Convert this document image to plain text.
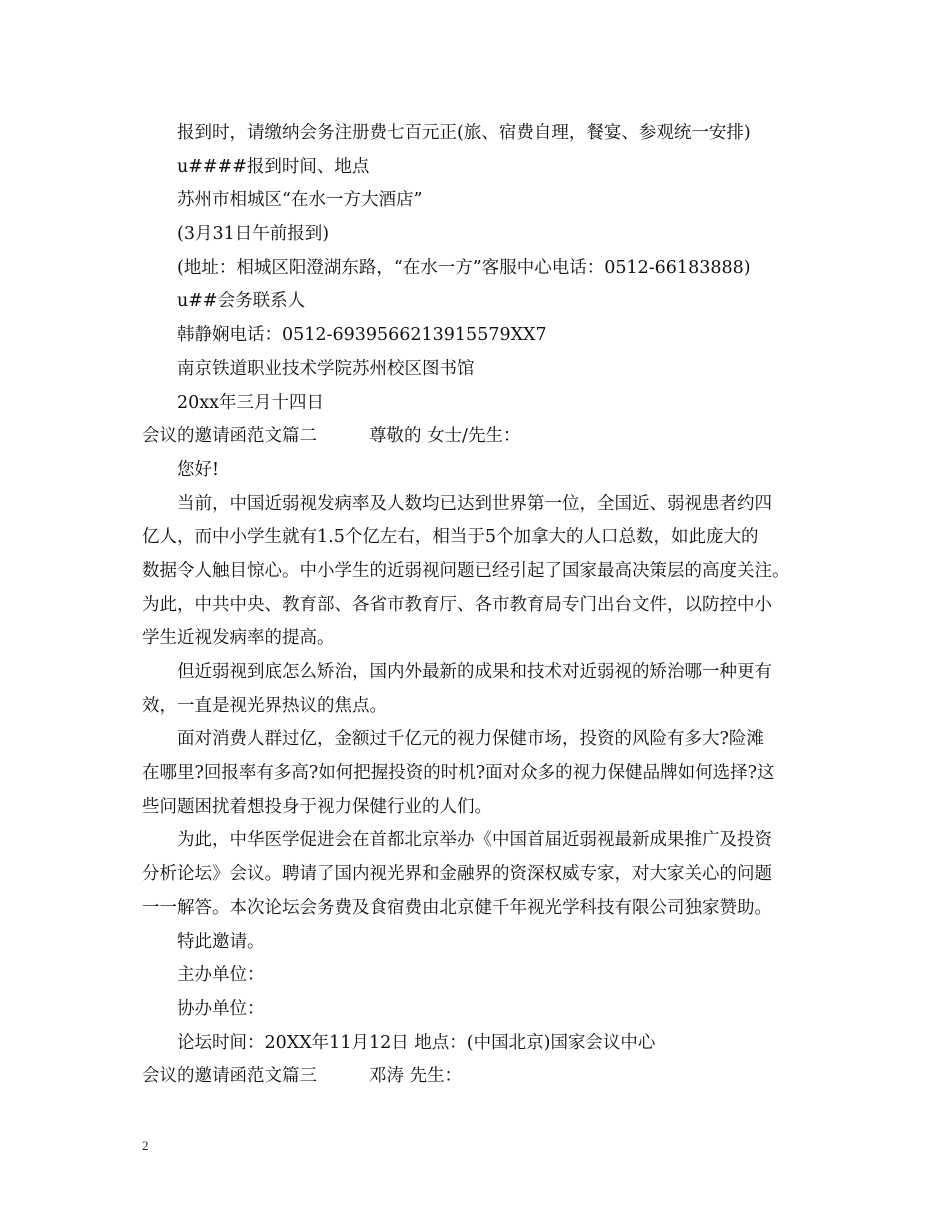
报到时，请缴纳会务注册费七百元正(旅、宿费自理，餐宴、参观统一安排)
u####报到时间、地点
苏州市相城区“在水一方大酒店”
(3月31日午前报到)
(地址：相城区阳澄湖东路，“在水一方”客服中心电话：0512-66183888)
u##会务联系人
韩静娴电话：0512-6939566213915579XX7
南京铁道职业技术学院苏州校区图书馆
20xx年三月十四日
会议的邀请函范文篇二	尊敬的 女士/先生：
您好!
当前，中国近弱视发病率及人数均已达到世界第一位，全国近、弱视患者约四
亿人，而中小学生就有1.5个亿左右，相当于5个加拿大的人口总数，如此庞大的
数据令人触目惊心。中小学生的近弱视问题已经引起了国家最高决策层的高度关注。
为此，中共中央、教育部、各省市教育厅、各市教育局专门出台文件，以防控中小
学生近视发病率的提高。
但近弱视到底怎么矫治，国内外最新的成果和技术对近弱视的矫治哪一种更有
效，一直是视光界热议的焦点。
面对消费人群过亿，金额过千亿元的视力保健市场，投资的风险有多大?险滩
在哪里?回报率有多高?如何把握投资的时机?面对众多的视力保健品牌如何选择?这
些问题困扰着想投身于视力保健行业的人们。
为此，中华医学促进会在首都北京举办《中国首届近弱视最新成果推广及投资
分析论坛》会议。聘请了国内视光界和金融界的资深权威专家，对大家关心的问题
一一解答。本次论坛会务费及食宿费由北京健千年视光学科技有限公司独家赞助。
特此邀请。
主办单位：
协办单位：
论坛时间：20XX年11月12日 地点：(中国北京)国家会议中心
会议的邀请函范文篇三	邓涛 先生：
2
